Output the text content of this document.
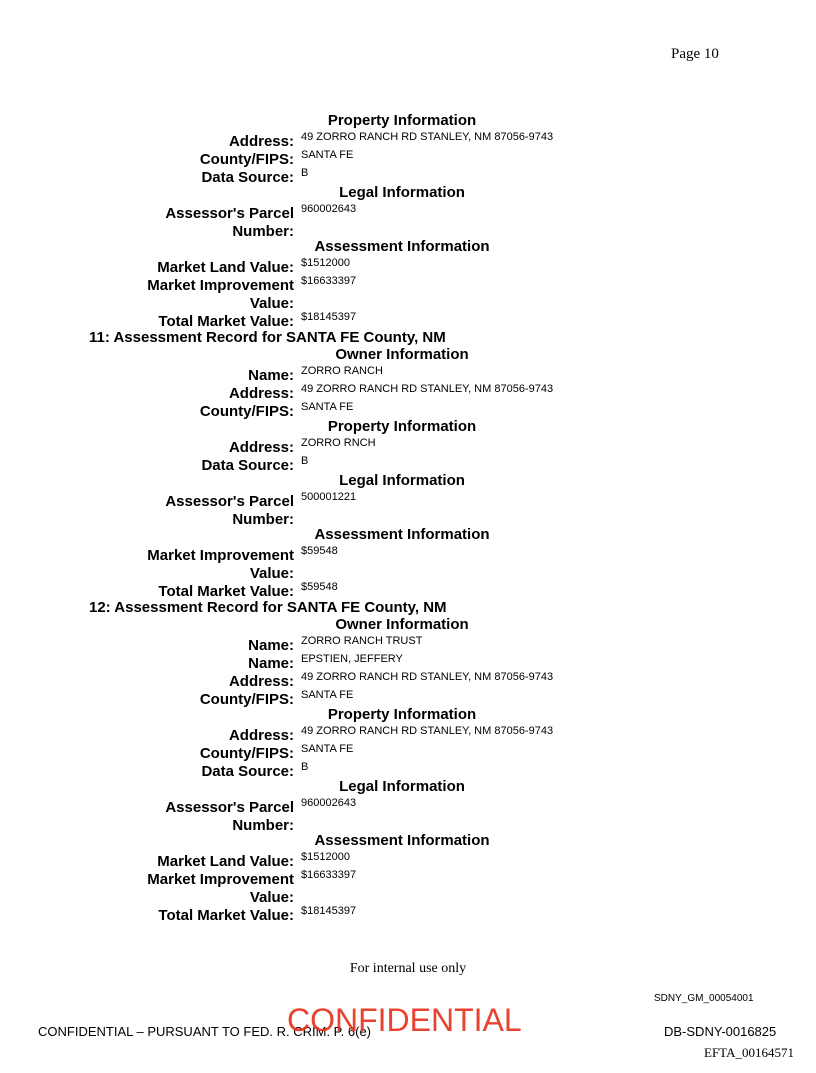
Page 10
Property Information
Address: 49 ZORRO RANCH RD STANLEY, NM 87056-9743
County/FIPS: SANTA FE
Data Source: B
Legal Information
Assessor's Parcel
Number:
960002643
Assessment Information
Market Land Value: $1512000
Market Improvement
Value:
$16633397
Total Market Value: $18145397
11: Assessment Record for SANTA FE County, NM
Owner Information
Name: ZORRO RANCH
Address: 49 ZORRO RANCH RD STANLEY, NM 87056-9743
County/FIPS: SANTA FE
Property Information
Address: ZORRO RNCH
Data Source: B
Legal Information
Assessor's Parcel
Number:
500001221
Assessment Information
Market Improvement
Value:
$59548
Total Market Value: $59548
12: Assessment Record for SANTA FE County, NM
Owner Information
Name: ZORRO RANCH TRUST
Name: EPSTIEN, JEFFERY
Address: 49 ZORRO RANCH RD STANLEY, NM 87056-9743
County/FIPS: SANTA FE
Property Information
Address: 49 ZORRO RANCH RD STANLEY, NM 87056-9743
County/FIPS: SANTA FE
Data Source: B
Legal Information
Assessor's Parcel
Number:
960002643
Assessment Information
Market Land Value: $1512000
Market Improvement
Value:
$16633397
Total Market Value: $18145397
For internal use only
SDNY_GM_00054001
CONFIDENTIAL – PURSUANT TO FED. R. CRIM. P. 6(e)
CONFIDENTIAL	DB-SDNY-0016825
EFTA_00164571
